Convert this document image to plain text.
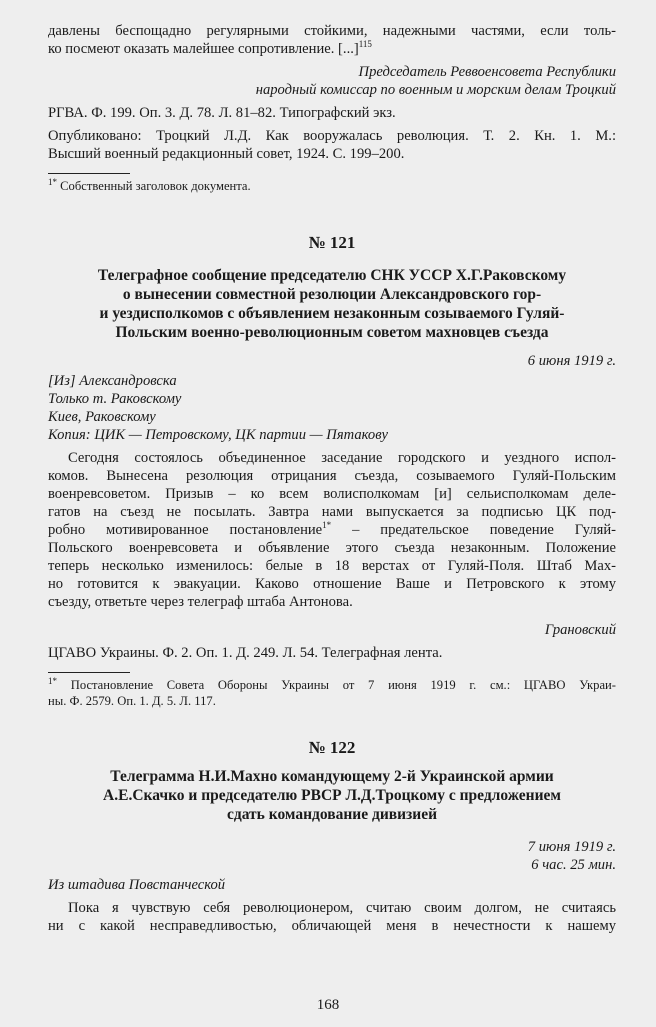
давлены беспощадно регулярными стойкими, надежными частями, если толь-

ко посмеют оказать малейшее сопротивление. [...]$^{115}$

Председатель Реввоенсовета Республики

народный комиссар по военным и морским делам Троцкий

РГВА. Ф. 199. Оп. 3. Д. 78. Л. 81–82. Типографский экз.

Опубликовано: Троцкий Л.Д. Как вооружалась революция. Т. 2. Кн. 1. М.:

Высший военный редакционный совет, 1924. С. 199–200.

$^{1*}$ Собственный заголовок документа.

№ 121

Телеграфное сообщение председателю СНК УССР Х.Г.Раковскому

о вынесении совместной резолюции Александровского гор-

и уездисполкомов с объявлением незаконным созываемого Гуляй-

Польским военно-революционным советом махновцев съезда

6 июня 1919 г.

[Из] Александровска

Только т. Раковскому

Киев, Раковскому

Копия: ЦИК — Петровскому, ЦК партии — Пятакову

Сегодня состоялось объединенное заседание городского и уездного испол-

комов. Вынесена резолюция отрицания съезда, созываемого Гуляй-Польским

военревсоветом. Призыв – ко всем волисполкомам [и] сельисполкомам деле-

гатов на съезд не посылать. Завтра нами выпускается за подписью ЦК под-

робно мотивированное постановление$^{1*}$ – предательское поведение Гуляй-

Польского военревсовета и объявление этого съезда незаконным. Положение

теперь несколько изменилось: белые в 18 верстах от Гуляй-Поля. Штаб Мах-

но готовится к эвакуации. Каково отношение Ваше и Петровского к этому

съезду, ответьте через телеграф штаба Антонова.

Грановский

ЦГАВО Украины. Ф. 2. Оп. 1. Д. 249. Л. 54. Телеграфная лента.

$^{1*}$ Постановление Совета Обороны Украины от 7 июня 1919 г. см.: ЦГАВО Украи-

ны. Ф. 2579. Оп. 1. Д. 5. Л. 117.

№ 122

Телеграмма Н.И.Махно командующему 2-й Украинской армии

А.Е.Скачко и председателю РВСР Л.Д.Троцкому с предложением

сдать командование дивизией

7 июня 1919 г.

6 час. 25 мин.

Из штадива Повстанческой

Пока я чувствую себя революционером, считаю своим долгом, не считаясь

ни с какой несправедливостью, обличающей меня в нечестности к нашему

168
